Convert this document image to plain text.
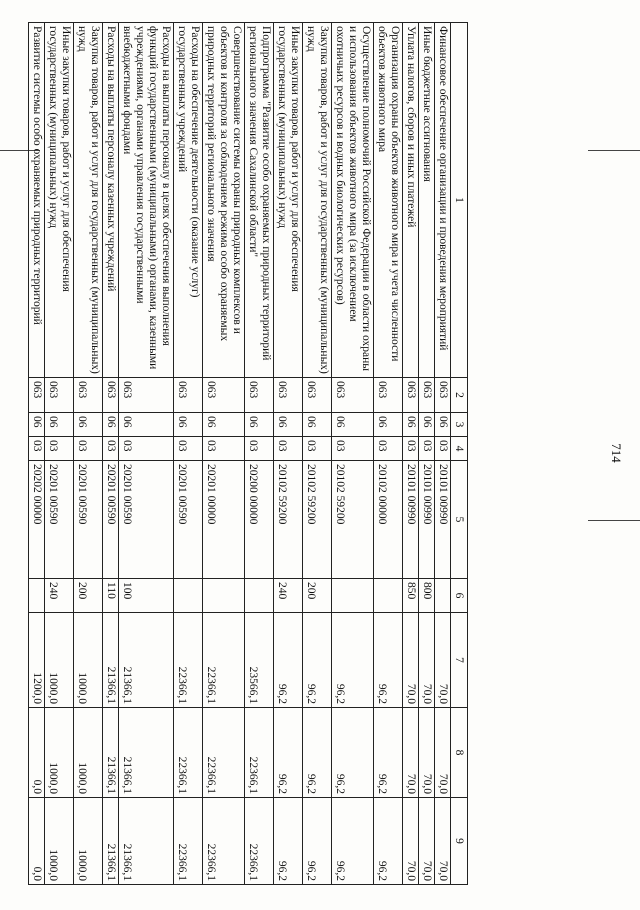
714
1	2	3	4	5	6	7	8	9
Финансовое обеспечение организации и проведения мероприятий	063	06	03	20101 00990		70,0	70,0	70,0
Иные бюджетные ассигнования	063	06	03	20101 00990	800	70,0	70,0	70,0
Уплата налогов, сборов и иных платежей	063	06	03	20101 00990	850	70,0	70,0	70,0
Организация охраны объектов животного мира и учета численности объектов животного мира	063	06	03	20102 00000		96,2	96,2	96,2
Осуществление полномочий Российской Федерации в области охраны и использования объектов животного мира (за исключением охотничьих ресурсов и водных биологических ресурсов)	063	06	03	20102 59200		96,2	96,2	96,2
Закупка товаров, работ и услуг для государственных (муниципальных) нужд	063	06	03	20102 59200	200	96,2	96,2	96,2
Иные закупки товаров, работ и услуг для обеспечения государственных (муниципальных) нужд	063	06	03	20102 59200	240	96,2	96,2	96,2
Подпрограмма "Развитие особо охраняемых природных территорий регионального значения Сахалинской области"	063	06	03	20200 00000		23566,1	22366,1	22366,1
Совершенствование системы охраны природных комплексов и объектов и контроля за соблюдением режима особо охраняемых природных территорий регионального значения	063	06	03	20201 00000		22366,1	22366,1	22366,1
Расходы на обеспечение деятельности (оказание услуг) государственных учреждений	063	06	03	20201 00590		22366,1	22366,1	22366,1
Расходы на выплаты персоналу в целях обеспечения выполнения функций государственными (муниципальными) органами, казенными учреждениями, органами управления государственными внебюджетными фондами	063	06	03	20201 00590	100	21366,1	21366,1	21366,1
Расходы на выплаты персоналу казенных учреждений	063	06	03	20201 00590	110	21366,1	21366,1	21366,1
Закупка товаров, работ и услуг для государственных (муниципальных) нужд	063	06	03	20201 00590	200	1000,0	1000,0	1000,0
Иные закупки товаров, работ и услуг для обеспечения государственных (муниципальных) нужд	063	06	03	20201 00590	240	1000,0	1000,0	1000,0
Развитие системы особо охраняемых природных территорий	063	06	03	20202 00000		1200,0	0,0	0,0
